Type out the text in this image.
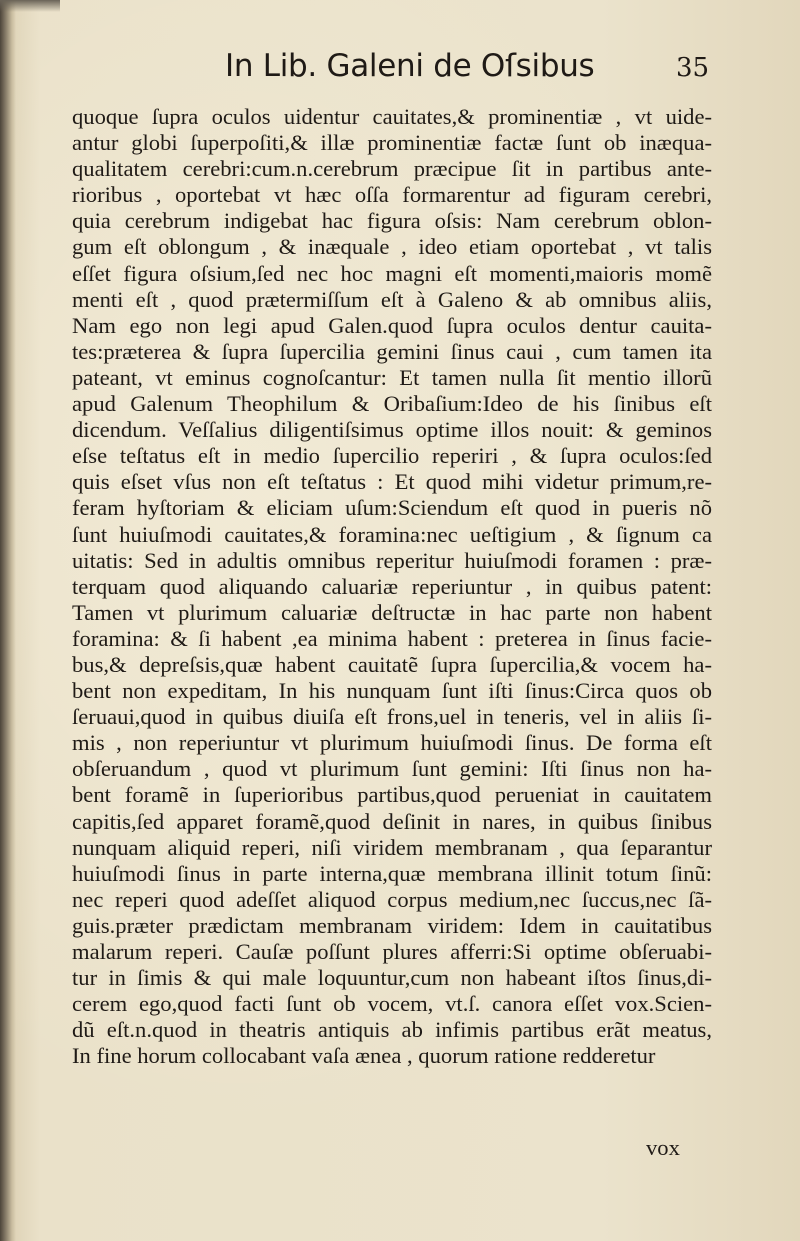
In Lib. Galeni de Oſsibus	35
quoque ſupra oculos uidentur cauitates,& prominentiæ , vt uide-
antur globi ſuperpoſiti,& illæ prominentiæ factæ ſunt ob inæqua-
qualitatem cerebri:cum.n.cerebrum præcipue ſit in partibus ante-
rioribus , oportebat vt hæc oſſa formarentur ad figuram cerebri,
quia cerebrum indigebat hac figura oſsis: Nam cerebrum oblon-
gum eſt oblongum , & inæquale , ideo etiam oportebat , vt talis
eſſet figura oſsium,ſed nec hoc magni eſt momenti,maioris momẽ
menti eſt , quod prætermiſſum eſt à Galeno & ab omnibus aliis,
Nam ego non legi apud Galen.quod ſupra oculos dentur cauita-
tes:præterea & ſupra ſupercilia gemini ſinus caui , cum tamen ita
pateant, vt eminus cognoſcantur: Et tamen nulla ſit mentio illorũ
apud Galenum Theophilum & Oribaſium:Ideo de his ſinibus eſt
dicendum. Veſſalius diligentiſsimus optime illos nouit: & geminos
eſse teſtatus eſt in medio ſupercilio reperiri , & ſupra oculos:ſed
quis eſset vſus non eſt teſtatus : Et quod mihi videtur primum,re-
feram hyſtoriam & eliciam uſum:Sciendum eſt quod in pueris nõ
ſunt huiuſmodi cauitates,& foramina:nec ueſtigium , & ſignum ca
uitatis: Sed in adultis omnibus reperitur huiuſmodi foramen : præ-
terquam quod aliquando caluariæ reperiuntur , in quibus patent:
Tamen vt plurimum caluariæ deſtructæ in hac parte non habent
foramina: & ſi habent ,ea minima habent : preterea in ſinus facie-
bus,& depreſsis,quæ habent cauitatẽ ſupra ſupercilia,& vocem ha-
bent non expeditam, In his nunquam ſunt iſti ſinus:Circa quos ob
ſeruaui,quod in quibus diuiſa eſt frons,uel in teneris, vel in aliis ſi-
mis , non reperiuntur vt plurimum huiuſmodi ſinus. De forma eſt
obſeruandum , quod vt plurimum ſunt gemini: Iſti ſinus non ha-
bent foramẽ in ſuperioribus partibus,quod perueniat in cauitatem
capitis,ſed apparet foramẽ,quod deſinit in nares, in quibus ſinibus
nunquam aliquid reperi, niſi viridem membranam , qua ſeparantur
huiuſmodi ſinus in parte interna,quæ membrana illinit totum ſinũ:
nec reperi quod adeſſet aliquod corpus medium,nec ſuccus,nec ſã-
guis.præter prædictam membranam viridem: Idem in cauitatibus
malarum reperi. Cauſæ poſſunt plures afferri:Si optime obſeruabi-
tur in ſimis & qui male loquuntur,cum non habeant iſtos ſinus,di-
cerem ego,quod facti ſunt ob vocem, vt.ſ. canora eſſet vox.Scien-
dũ eſt.n.quod in theatris antiquis ab infimis partibus erãt meatus,
In fine horum collocabant vaſa ænea , quorum ratione redderetur
vox
